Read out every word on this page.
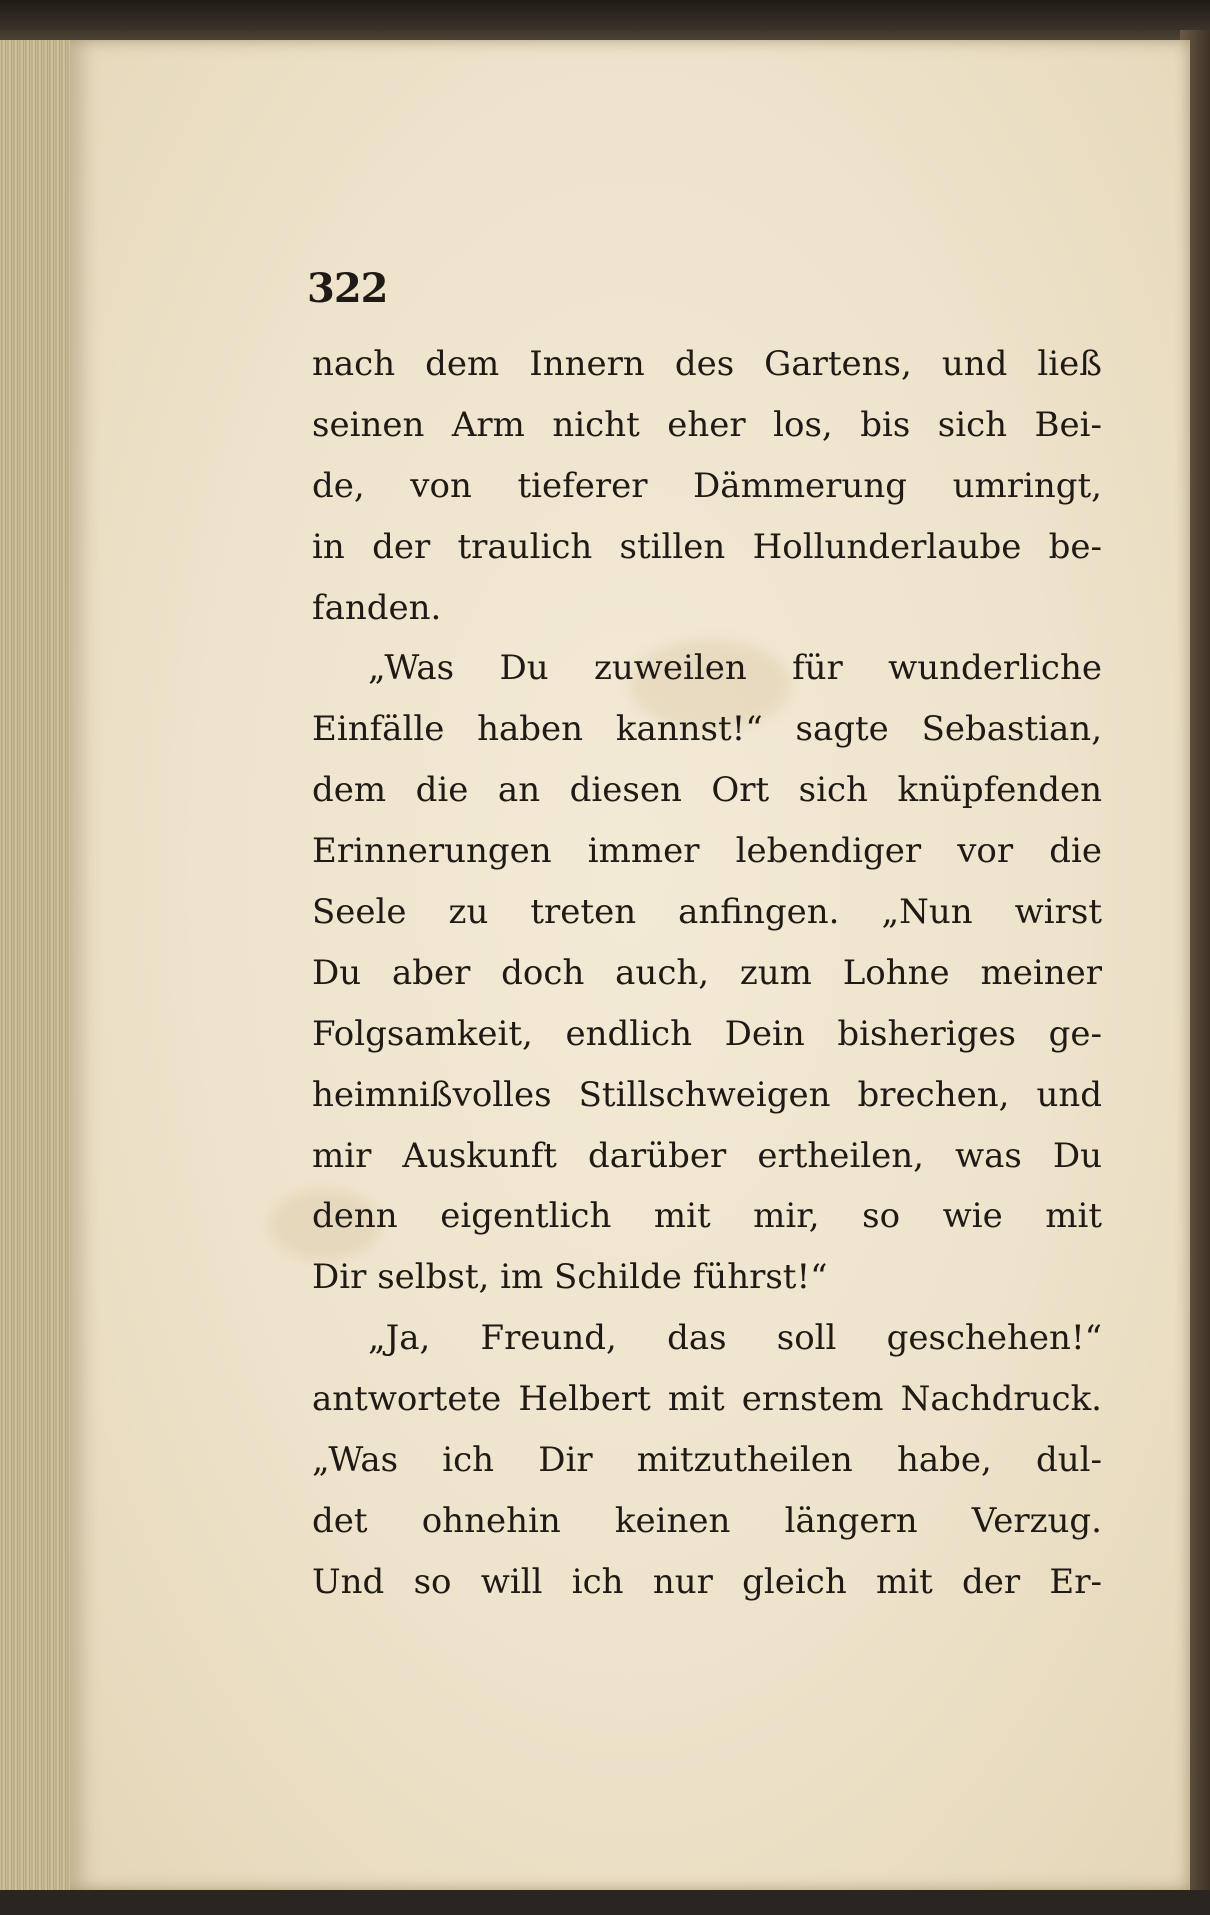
322
nach dem Innern des Gartens, und ließ
seinen Arm nicht eher los, bis sich Bei-
de, von tieferer Dämmerung umringt,
in der traulich stillen Hollunderlaube be-
fanden.
„Was Du zuweilen für wunderliche
Einfälle haben kannst!“ sagte Sebastian,
dem die an diesen Ort sich knüpfenden
Erinnerungen immer lebendiger vor die
Seele zu treten anfingen. „Nun wirst
Du aber doch auch, zum Lohne meiner
Folgsamkeit, endlich Dein bisheriges ge-
heimnißvolles Stillschweigen brechen, und
mir Auskunft darüber ertheilen, was Du
denn eigentlich mit mir, so wie mit
Dir selbst, im Schilde führst!“
„Ja, Freund, das soll geschehen!“
antwortete Helbert mit ernstem Nachdruck.
„Was ich Dir mitzutheilen habe, dul-
det ohnehin keinen längern Verzug.
Und so will ich nur gleich mit der Er-
